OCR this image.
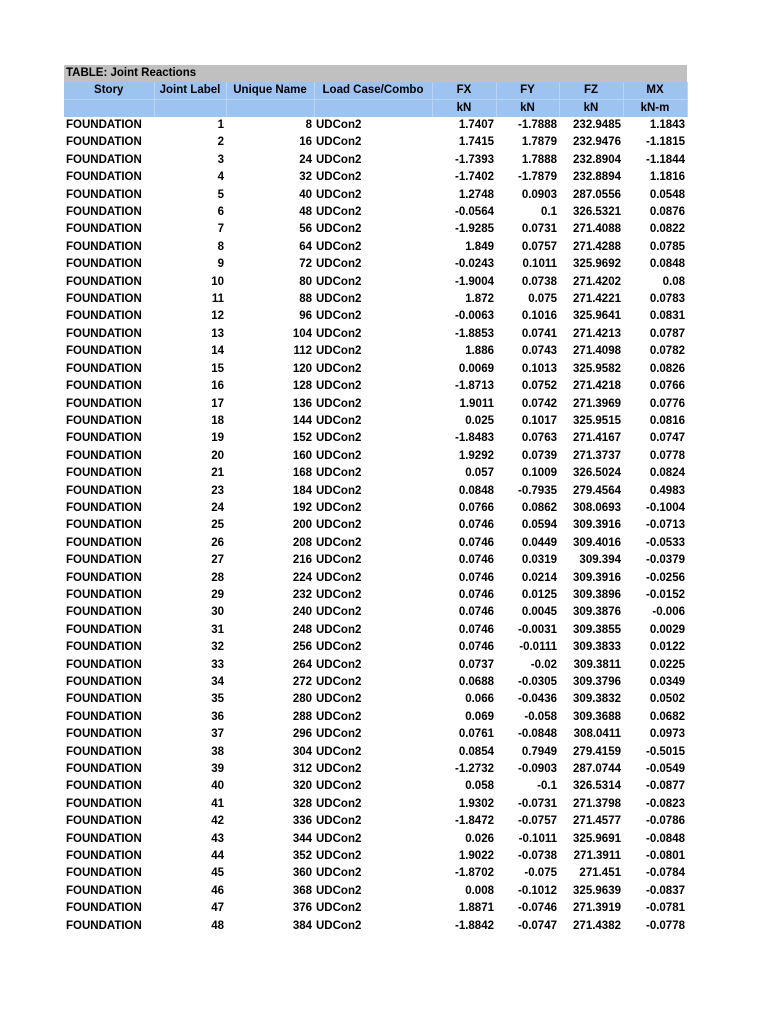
TABLE: Joint Reactions
Story	Joint Label	Unique Name	Load Case/Combo	FX	FY	FZ	MX
				kN	kN	kN	kN-m
FOUNDATION	1	8	UDCon2	1.7407	-1.7888	232.9485	1.1843
FOUNDATION	2	16	UDCon2	1.7415	1.7879	232.9476	-1.1815
FOUNDATION	3	24	UDCon2	-1.7393	1.7888	232.8904	-1.1844
FOUNDATION	4	32	UDCon2	-1.7402	-1.7879	232.8894	1.1816
FOUNDATION	5	40	UDCon2	1.2748	0.0903	287.0556	0.0548
FOUNDATION	6	48	UDCon2	-0.0564	0.1	326.5321	0.0876
FOUNDATION	7	56	UDCon2	-1.9285	0.0731	271.4088	0.0822
FOUNDATION	8	64	UDCon2	1.849	0.0757	271.4288	0.0785
FOUNDATION	9	72	UDCon2	-0.0243	0.1011	325.9692	0.0848
FOUNDATION	10	80	UDCon2	-1.9004	0.0738	271.4202	0.08
FOUNDATION	11	88	UDCon2	1.872	0.075	271.4221	0.0783
FOUNDATION	12	96	UDCon2	-0.0063	0.1016	325.9641	0.0831
FOUNDATION	13	104	UDCon2	-1.8853	0.0741	271.4213	0.0787
FOUNDATION	14	112	UDCon2	1.886	0.0743	271.4098	0.0782
FOUNDATION	15	120	UDCon2	0.0069	0.1013	325.9582	0.0826
FOUNDATION	16	128	UDCon2	-1.8713	0.0752	271.4218	0.0766
FOUNDATION	17	136	UDCon2	1.9011	0.0742	271.3969	0.0776
FOUNDATION	18	144	UDCon2	0.025	0.1017	325.9515	0.0816
FOUNDATION	19	152	UDCon2	-1.8483	0.0763	271.4167	0.0747
FOUNDATION	20	160	UDCon2	1.9292	0.0739	271.3737	0.0778
FOUNDATION	21	168	UDCon2	0.057	0.1009	326.5024	0.0824
FOUNDATION	23	184	UDCon2	0.0848	-0.7935	279.4564	0.4983
FOUNDATION	24	192	UDCon2	0.0766	0.0862	308.0693	-0.1004
FOUNDATION	25	200	UDCon2	0.0746	0.0594	309.3916	-0.0713
FOUNDATION	26	208	UDCon2	0.0746	0.0449	309.4016	-0.0533
FOUNDATION	27	216	UDCon2	0.0746	0.0319	309.394	-0.0379
FOUNDATION	28	224	UDCon2	0.0746	0.0214	309.3916	-0.0256
FOUNDATION	29	232	UDCon2	0.0746	0.0125	309.3896	-0.0152
FOUNDATION	30	240	UDCon2	0.0746	0.0045	309.3876	-0.006
FOUNDATION	31	248	UDCon2	0.0746	-0.0031	309.3855	0.0029
FOUNDATION	32	256	UDCon2	0.0746	-0.0111	309.3833	0.0122
FOUNDATION	33	264	UDCon2	0.0737	-0.02	309.3811	0.0225
FOUNDATION	34	272	UDCon2	0.0688	-0.0305	309.3796	0.0349
FOUNDATION	35	280	UDCon2	0.066	-0.0436	309.3832	0.0502
FOUNDATION	36	288	UDCon2	0.069	-0.058	309.3688	0.0682
FOUNDATION	37	296	UDCon2	0.0761	-0.0848	308.0411	0.0973
FOUNDATION	38	304	UDCon2	0.0854	0.7949	279.4159	-0.5015
FOUNDATION	39	312	UDCon2	-1.2732	-0.0903	287.0744	-0.0549
FOUNDATION	40	320	UDCon2	0.058	-0.1	326.5314	-0.0877
FOUNDATION	41	328	UDCon2	1.9302	-0.0731	271.3798	-0.0823
FOUNDATION	42	336	UDCon2	-1.8472	-0.0757	271.4577	-0.0786
FOUNDATION	43	344	UDCon2	0.026	-0.1011	325.9691	-0.0848
FOUNDATION	44	352	UDCon2	1.9022	-0.0738	271.3911	-0.0801
FOUNDATION	45	360	UDCon2	-1.8702	-0.075	271.451	-0.0784
FOUNDATION	46	368	UDCon2	0.008	-0.1012	325.9639	-0.0837
FOUNDATION	47	376	UDCon2	1.8871	-0.0746	271.3919	-0.0781
FOUNDATION	48	384	UDCon2	-1.8842	-0.0747	271.4382	-0.0778
